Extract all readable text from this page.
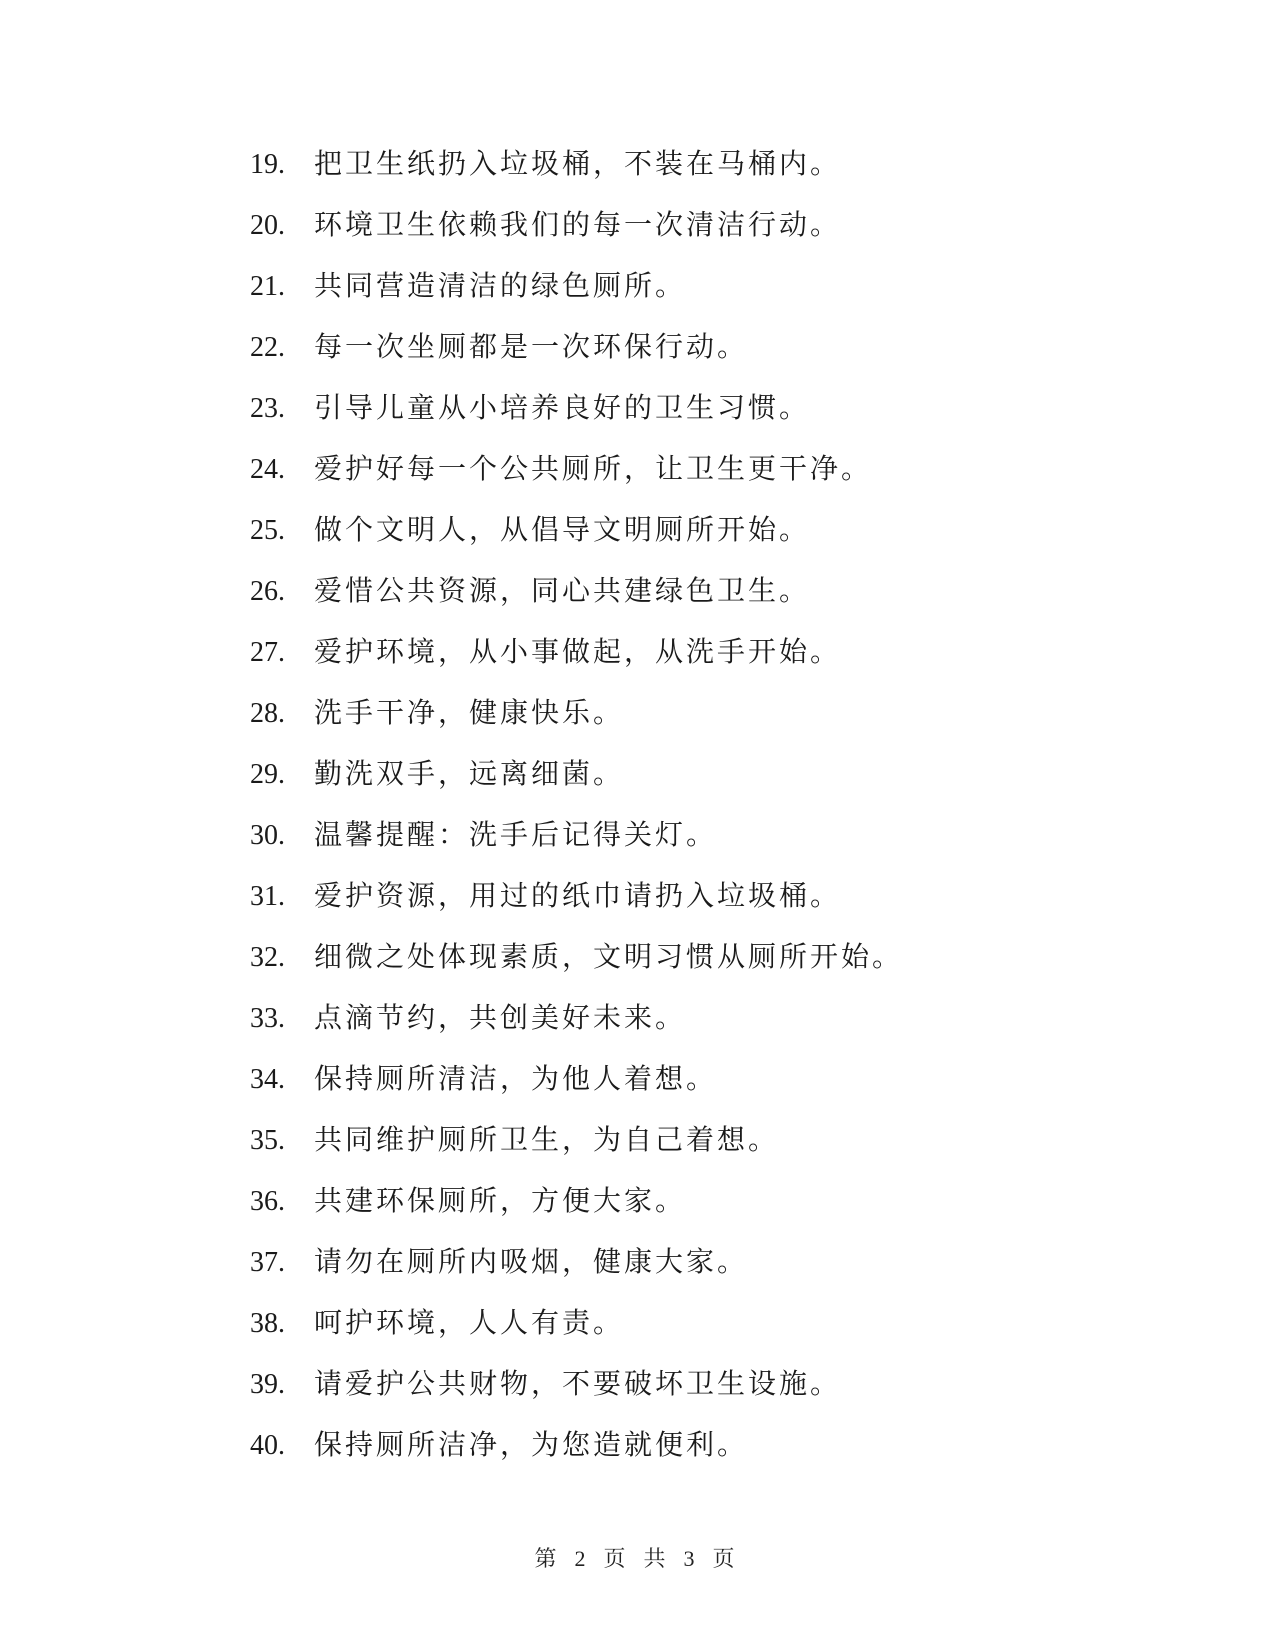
19. 把卫生纸扔入垃圾桶，不装在马桶内。
20. 环境卫生依赖我们的每一次清洁行动。
21. 共同营造清洁的绿色厕所。
22. 每一次坐厕都是一次环保行动。
23. 引导儿童从小培养良好的卫生习惯。
24. 爱护好每一个公共厕所，让卫生更干净。
25. 做个文明人，从倡导文明厕所开始。
26. 爱惜公共资源，同心共建绿色卫生。
27. 爱护环境，从小事做起，从洗手开始。
28. 洗手干净，健康快乐。
29. 勤洗双手，远离细菌。
30. 温馨提醒：洗手后记得关灯。
31. 爱护资源，用过的纸巾请扔入垃圾桶。
32. 细微之处体现素质，文明习惯从厕所开始。
33. 点滴节约，共创美好未来。
34. 保持厕所清洁，为他人着想。
35. 共同维护厕所卫生，为自己着想。
36. 共建环保厕所，方便大家。
37. 请勿在厕所内吸烟，健康大家。
38. 呵护环境，人人有责。
39. 请爱护公共财物，不要破坏卫生设施。
40. 保持厕所洁净，为您造就便利。
第 2 页 共 3 页
